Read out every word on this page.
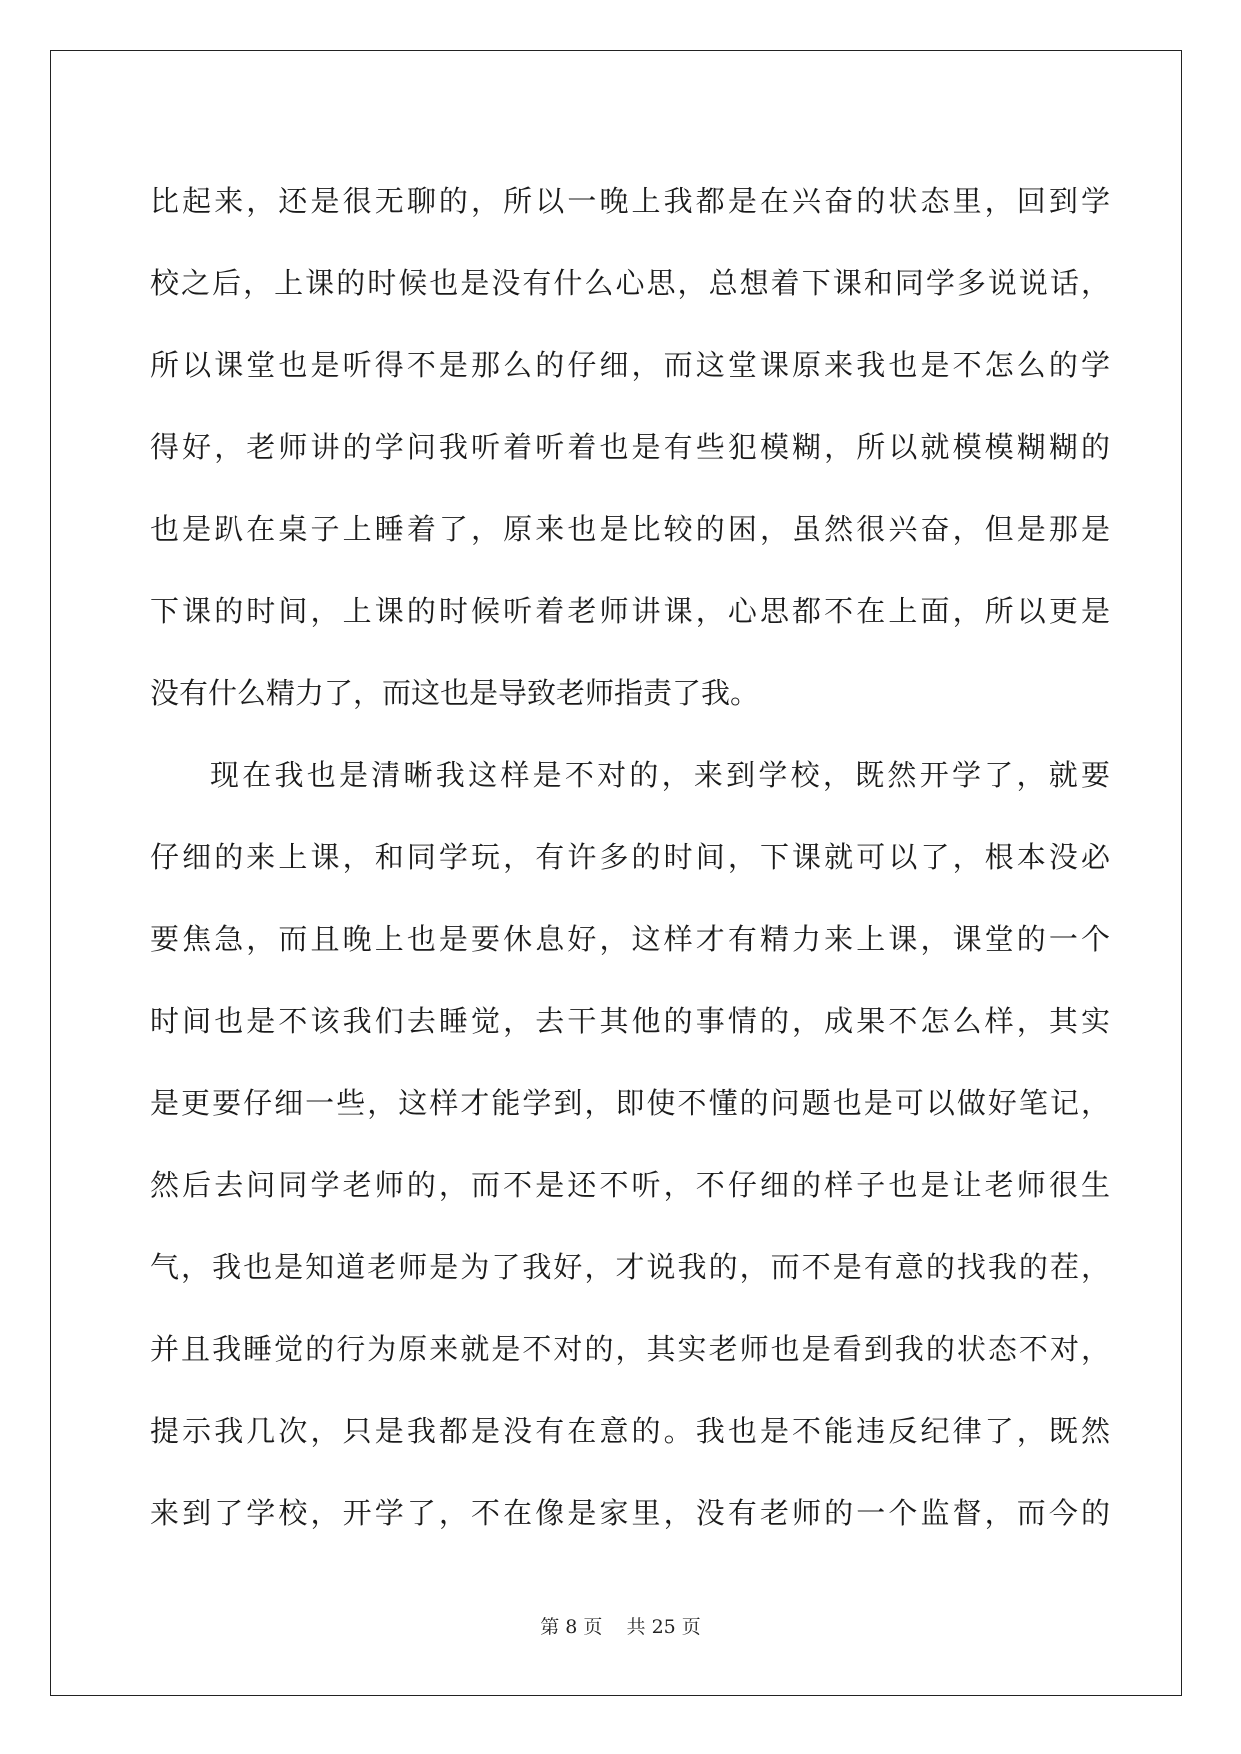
比起来，还是很无聊的，所以一晚上我都是在兴奋的状态里，回到学
校之后，上课的时候也是没有什么心思，总想着下课和同学多说说话，
所以课堂也是听得不是那么的仔细，而这堂课原来我也是不怎么的学
得好，老师讲的学问我听着听着也是有些犯模糊，所以就模模糊糊的
也是趴在桌子上睡着了，原来也是比较的困，虽然很兴奋，但是那是
下课的时间，上课的时候听着老师讲课，心思都不在上面，所以更是
没有什么精力了，而这也是导致老师指责了我。
现在我也是清晰我这样是不对的，来到学校，既然开学了，就要
仔细的来上课，和同学玩，有许多的时间，下课就可以了，根本没必
要焦急，而且晚上也是要休息好，这样才有精力来上课，课堂的一个
时间也是不该我们去睡觉，去干其他的事情的，成果不怎么样，其实
是更要仔细一些，这样才能学到，即使不懂的问题也是可以做好笔记，
然后去问同学老师的，而不是还不听，不仔细的样子也是让老师很生
气，我也是知道老师是为了我好，才说我的，而不是有意的找我的茬，
并且我睡觉的行为原来就是不对的，其实老师也是看到我的状态不对，
提示我几次，只是我都是没有在意的。我也是不能违反纪律了，既然
来到了学校，开学了，不在像是家里，没有老师的一个监督，而今的
第 8 页 共 25 页
